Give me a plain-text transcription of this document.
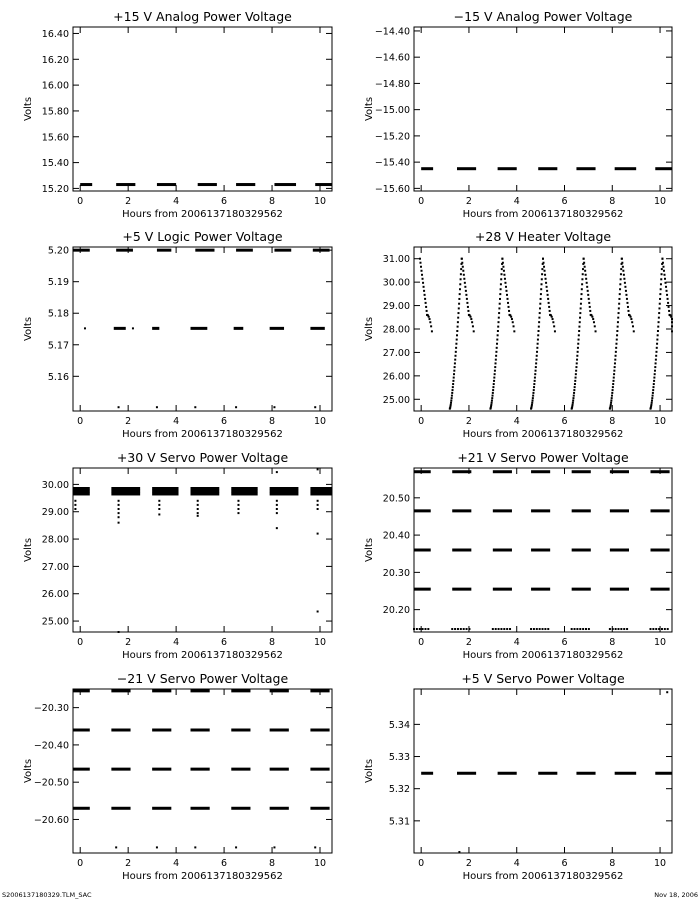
+15 V Analog Power Voltage
0	2	4	6	8	10
15.20
15.40
15.60
15.80
16.00
16.20
16.40
Hours from 2006137180329562
Volts
−15 V Analog Power Voltage
0	2	4	6	8	10
−15.60
−15.40
−15.20
−15.00
−14.80
−14.60
−14.40
Hours from 2006137180329562
Volts
+5 V Logic Power Voltage
0	2	4	6	8	10
5.16
5.17
5.18
5.19
5.20
Hours from 2006137180329562
Volts
+28 V Heater Voltage
0	2	4	6	8	10
25.00
26.00
27.00
28.00
29.00
30.00
31.00
Hours from 2006137180329562
Volts
+30 V Servo Power Voltage
0	2	4	6	8	10
25.00
26.00
27.00
28.00
29.00
30.00
Hours from 2006137180329562
Volts
+21 V Servo Power Voltage
0	2	4	6	8	10
20.20
20.30
20.40
20.50
Hours from 2006137180329562
Volts
−21 V Servo Power Voltage
0	2	4	6	8	10
−20.60
−20.50
−20.40
−20.30
Hours from 2006137180329562
Volts
+5 V Servo Power Voltage
0	2	4	6	8	10
5.31
5.32
5.33
5.34
Hours from 2006137180329562
Volts
S2006137180329.TLM_SAC	Nov 18, 2006
